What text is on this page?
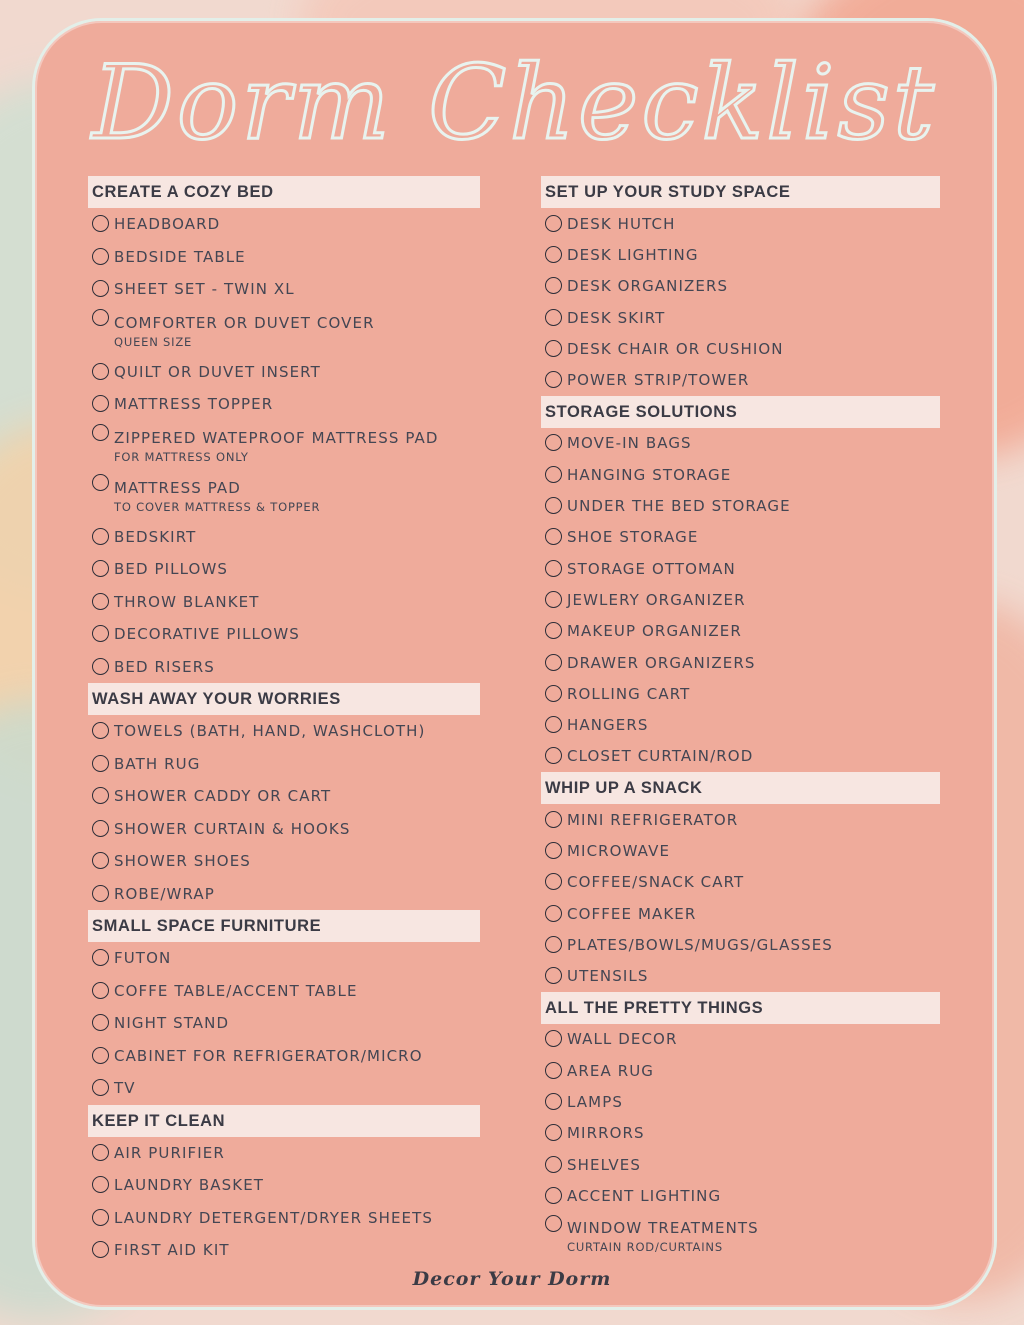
Dorm Checklist
CREATE A COZY BED
HEADBOARD
BEDSIDE TABLE
SHEET SET - TWIN XL
COMFORTER OR DUVET COVER
QUEEN SIZE
QUILT OR DUVET INSERT
MATTRESS TOPPER
ZIPPERED WATEPROOF MATTRESS PAD
FOR MATTRESS ONLY
MATTRESS PAD
TO COVER MATTRESS & TOPPER
BEDSKIRT
BED PILLOWS
THROW BLANKET
DECORATIVE PILLOWS
BED RISERS
WASH AWAY YOUR WORRIES
TOWELS (BATH, HAND, WASHCLOTH)
BATH RUG
SHOWER CADDY OR CART
SHOWER CURTAIN & HOOKS
SHOWER SHOES
ROBE/WRAP
SMALL SPACE FURNITURE
FUTON
COFFE TABLE/ACCENT TABLE
NIGHT STAND
CABINET FOR REFRIGERATOR/MICRO
TV
KEEP IT CLEAN
AIR PURIFIER
LAUNDRY BASKET
LAUNDRY DETERGENT/DRYER SHEETS
FIRST AID KIT
SET UP YOUR STUDY SPACE
DESK HUTCH
DESK LIGHTING
DESK ORGANIZERS
DESK SKIRT
DESK CHAIR OR CUSHION
POWER STRIP/TOWER
STORAGE SOLUTIONS
MOVE-IN BAGS
HANGING STORAGE
UNDER THE BED STORAGE
SHOE STORAGE
STORAGE OTTOMAN
JEWLERY ORGANIZER
MAKEUP ORGANIZER
DRAWER ORGANIZERS
ROLLING CART
HANGERS
CLOSET CURTAIN/ROD
WHIP UP A SNACK
MINI REFRIGERATOR
MICROWAVE
COFFEE/SNACK CART
COFFEE MAKER
PLATES/BOWLS/MUGS/GLASSES
UTENSILS
ALL THE PRETTY THINGS
WALL DECOR
AREA RUG
LAMPS
MIRRORS
SHELVES
ACCENT LIGHTING
WINDOW TREATMENTS
CURTAIN ROD/CURTAINS
Decor Your Dorm
